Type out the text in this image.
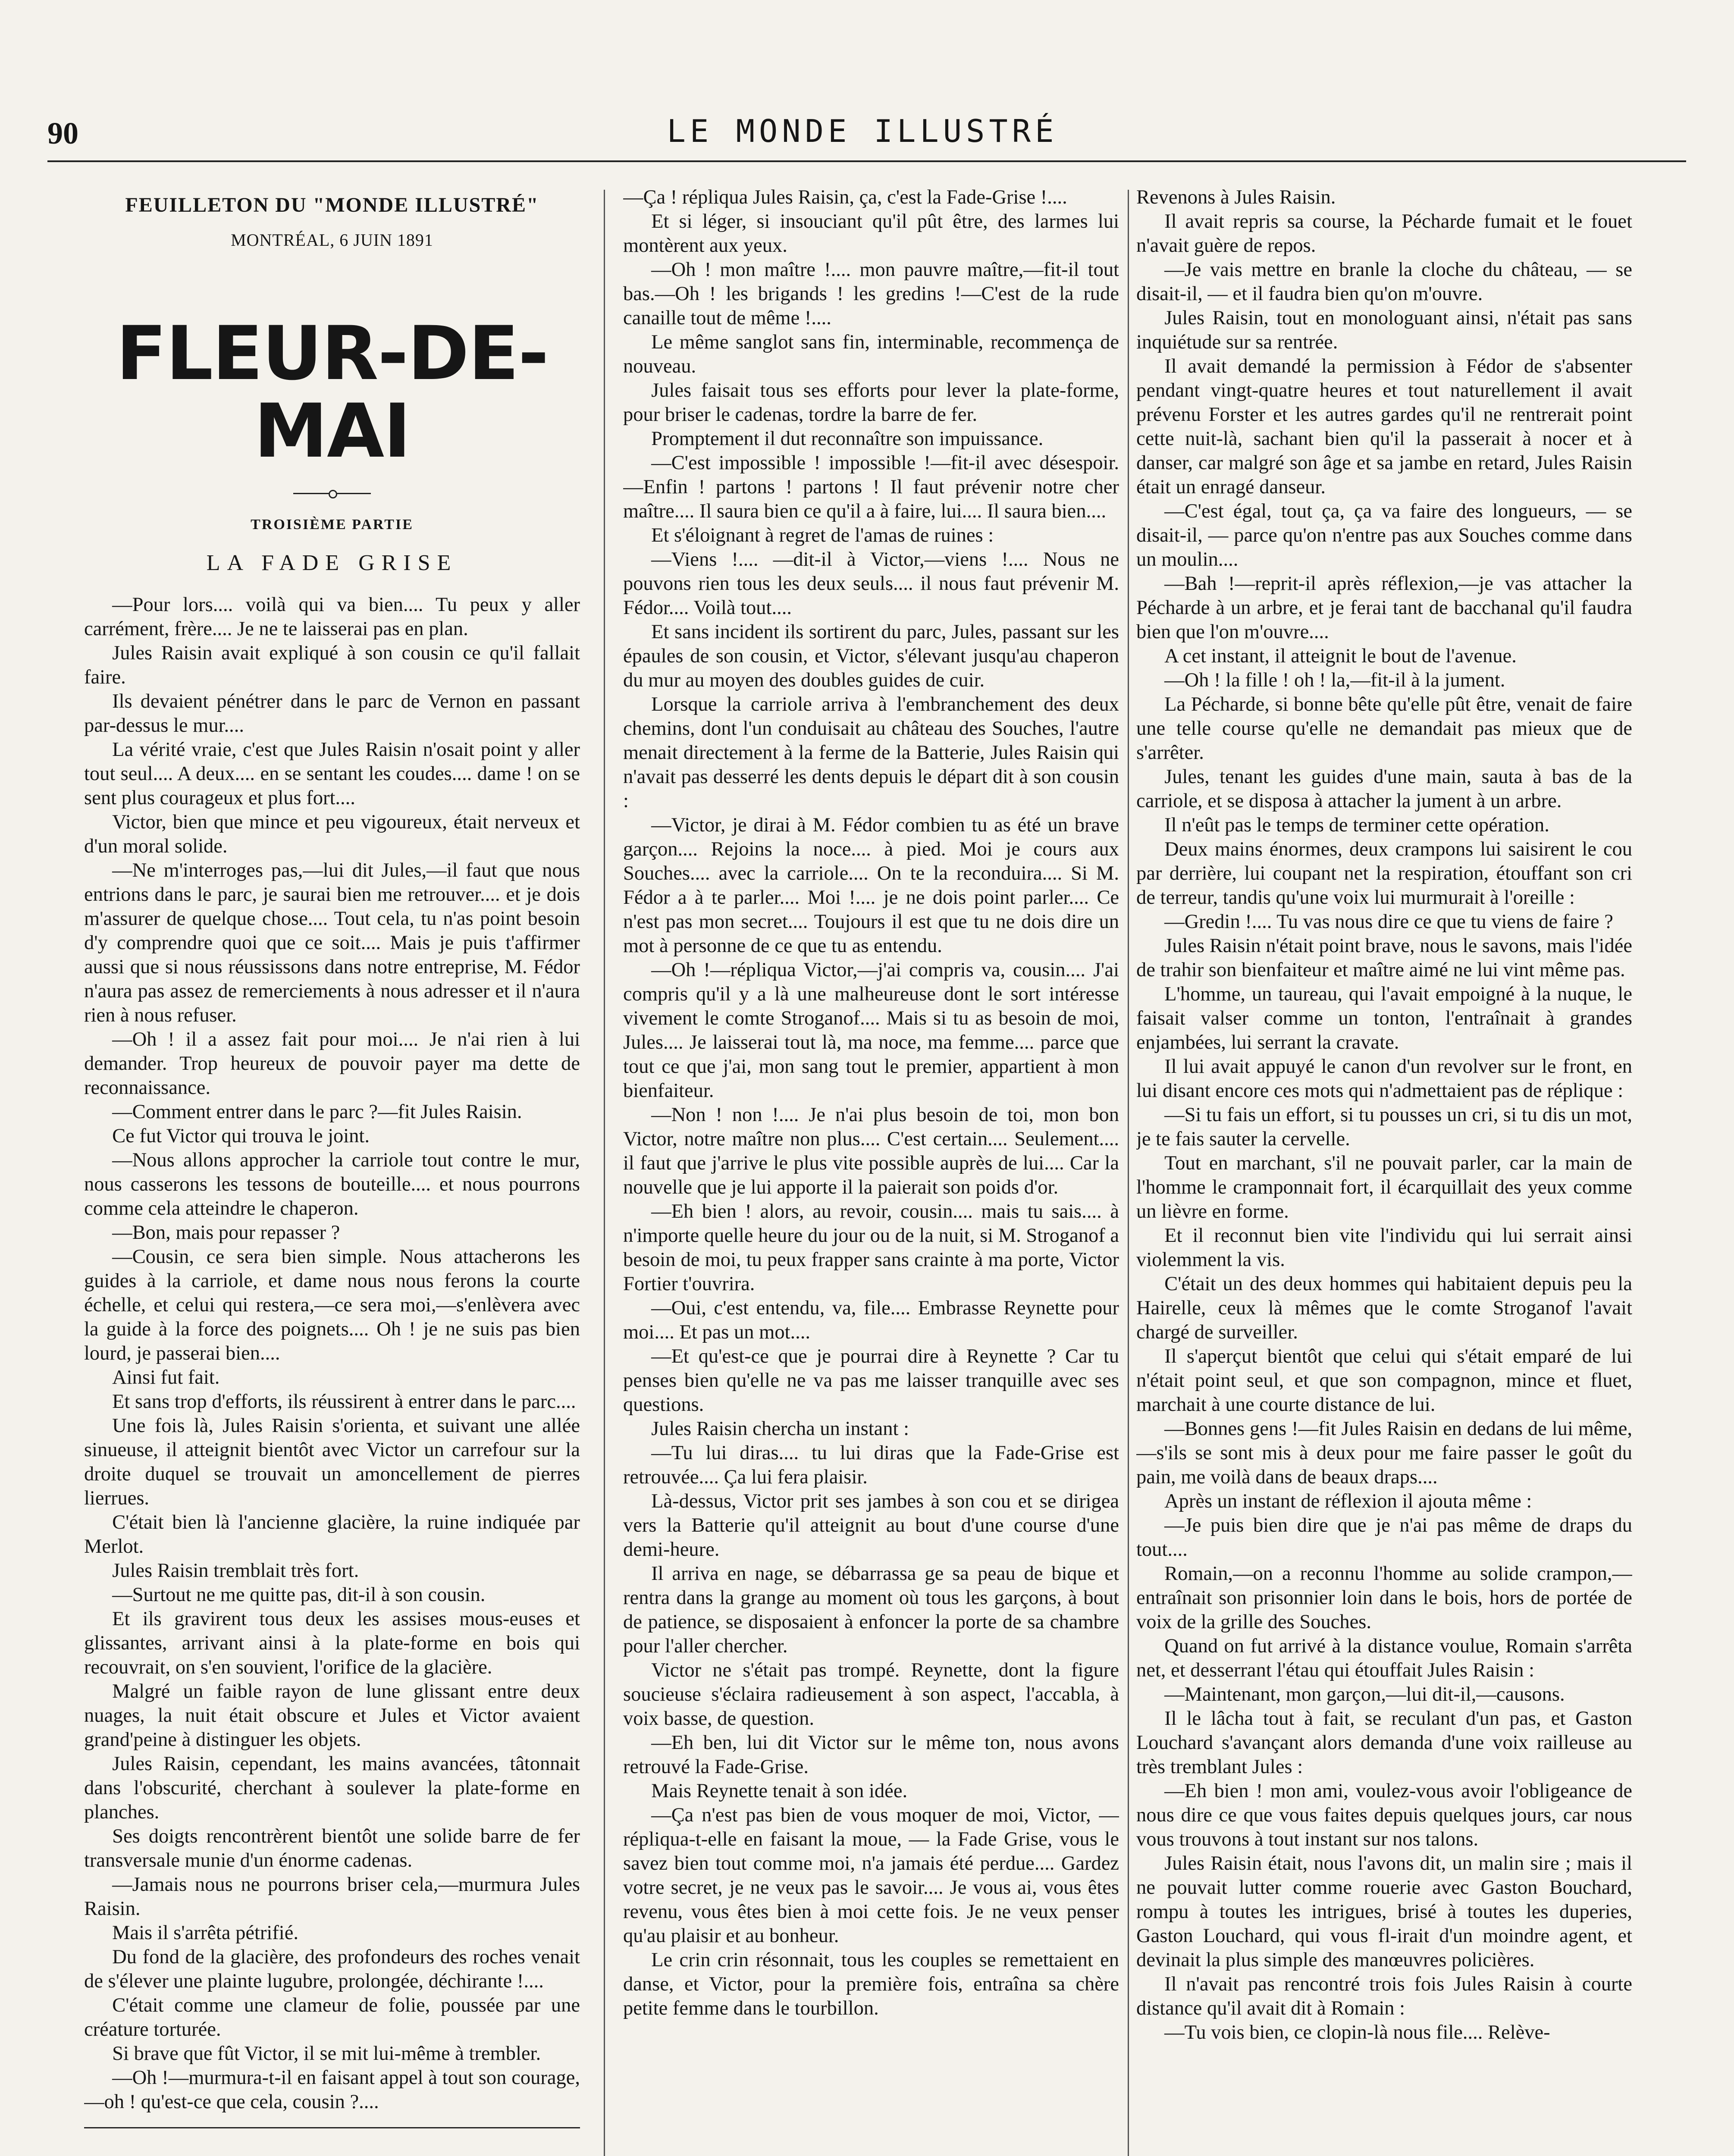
90	LE MONDE ILLUSTRÉ
FEUILLETON DU "MONDE ILLUSTRÉ"
MONTRÉAL, 6 JUIN 1891
FLEUR-DE-MAI
TROISIÈME PARTIE
LA FADE GRISE

—Pour lors.... voilà qui va bien.... Tu peux y aller carrément, frère.... Je ne te laisserai pas en plan.

Jules Raisin avait expliqué à son cousin ce qu'il fallait faire.

Ils devaient pénétrer dans le parc de Vernon en passant par-dessus le mur....

La vérité vraie, c'est que Jules Raisin n'osait point y aller tout seul.... A deux.... en se sentant les coudes.... dame ! on se sent plus courageux et plus fort....

Victor, bien que mince et peu vigoureux, était nerveux et d'un moral solide.

—Ne m'interroges pas,—lui dit Jules,—il faut que nous entrions dans le parc, je saurai bien me retrouver.... et je dois m'assurer de quelque chose.... Tout cela, tu n'as point besoin d'y comprendre quoi que ce soit.... Mais je puis t'affirmer aussi que si nous réussissons dans notre entreprise, M. Fédor n'aura pas assez de remerciements à nous adresser et il n'aura rien à nous refuser.

—Oh ! il a assez fait pour moi.... Je n'ai rien à lui demander. Trop heureux de pouvoir payer ma dette de reconnaissance.

—Comment entrer dans le parc ?—fit Jules Raisin.

Ce fut Victor qui trouva le joint.

—Nous allons approcher la carriole tout contre le mur, nous casserons les tessons de bouteille.... et nous pourrons comme cela atteindre le chaperon.

—Bon, mais pour repasser ?

—Cousin, ce sera bien simple. Nous attacherons les guides à la carriole, et dame nous nous ferons la courte échelle, et celui qui restera,—ce sera moi,—s'enlèvera avec la guide à la force des poignets.... Oh ! je ne suis pas bien lourd, je passerai bien....

Ainsi fut fait.

Et sans trop d'efforts, ils réussirent à entrer dans le parc....

Une fois là, Jules Raisin s'orienta, et suivant une allée sinueuse, il atteignit bientôt avec Victor un carrefour sur la droite duquel se trouvait un amoncellement de pierres lierrues.

C'était bien là l'ancienne glacière, la ruine indiquée par Merlot.

Jules Raisin tremblait très fort.

—Surtout ne me quitte pas, dit-il à son cousin.

Et ils gravirent tous deux les assises mous-euses et glissantes, arrivant ainsi à la plate-forme en bois qui recouvrait, on s'en souvient, l'orifice de la glacière.

Malgré un faible rayon de lune glissant entre deux nuages, la nuit était obscure et Jules et Victor avaient grand'peine à distinguer les objets.

Jules Raisin, cependant, les mains avancées, tâtonnait dans l'obscurité, cherchant à soulever la plate-forme en planches.

Ses doigts rencontrèrent bientôt une solide barre de fer transversale munie d'un énorme cadenas.

—Jamais nous ne pourrons briser cela,—murmura Jules Raisin.

Mais il s'arrêta pétrifié.

Du fond de la glacière, des profondeurs des roches venait de s'élever une plainte lugubre, prolongée, déchirante !....

C'était comme une clameur de folie, poussée par une créature torturée.

Si brave que fût Victor, il se mit lui-même à trembler.

—Oh !—murmura-t-il en faisant appel à tout son courage,—oh ! qu'est-ce que cela, cousin ?....

—Ça ! répliqua Jules Raisin, ça, c'est la Fade-Grise !....

Et si léger, si insouciant qu'il pût être, des larmes lui montèrent aux yeux.

—Oh ! mon maître !.... mon pauvre maître,—fit-il tout bas.—Oh ! les brigands ! les gredins !—C'est de la rude canaille tout de même !....

Le même sanglot sans fin, interminable, recommença de nouveau.

Jules faisait tous ses efforts pour lever la plate-forme, pour briser le cadenas, tordre la barre de fer.

Promptement il dut reconnaître son impuissance.

—C'est impossible ! impossible !—fit-il avec désespoir.—Enfin ! partons ! partons ! Il faut prévenir notre cher maître.... Il saura bien ce qu'il a à faire, lui.... Il saura bien....

Et s'éloignant à regret de l'amas de ruines :

—Viens !.... —dit-il à Victor,—viens !.... Nous ne pouvons rien tous les deux seuls.... il nous faut prévenir M. Fédor.... Voilà tout....

Et sans incident ils sortirent du parc, Jules, passant sur les épaules de son cousin, et Victor, s'élevant jusqu'au chaperon du mur au moyen des doubles guides de cuir.

Lorsque la carriole arriva à l'embranchement des deux chemins, dont l'un conduisait au château des Souches, l'autre menait directement à la ferme de la Batterie, Jules Raisin qui n'avait pas desserré les dents depuis le départ dit à son cousin :

—Victor, je dirai à M. Fédor combien tu as été un brave garçon.... Rejoins la noce.... à pied. Moi je cours aux Souches.... avec la carriole.... On te la reconduira.... Si M. Fédor a à te parler.... Moi !.... je ne dois point parler.... Ce n'est pas mon secret.... Toujours il est que tu ne dois dire un mot à personne de ce que tu as entendu.

—Oh !—répliqua Victor,—j'ai compris va, cousin.... J'ai compris qu'il y a là une malheureuse dont le sort intéresse vivement le comte Stroganof.... Mais si tu as besoin de moi, Jules.... Je laisserai tout là, ma noce, ma femme.... parce que tout ce que j'ai, mon sang tout le premier, appartient à mon bienfaiteur.

—Non ! non !.... Je n'ai plus besoin de toi, mon bon Victor, notre maître non plus.... C'est certain.... Seulement.... il faut que j'arrive le plus vite possible auprès de lui.... Car la nouvelle que je lui apporte il la paierait son poids d'or.

—Eh bien ! alors, au revoir, cousin.... mais tu sais.... à n'importe quelle heure du jour ou de la nuit, si M. Stroganof a besoin de moi, tu peux frapper sans crainte à ma porte, Victor Fortier t'ouvrira.

—Oui, c'est entendu, va, file.... Embrasse Reynette pour moi.... Et pas un mot....

—Et qu'est-ce que je pourrai dire à Reynette ? Car tu penses bien qu'elle ne va pas me laisser tranquille avec ses questions.

Jules Raisin chercha un instant :

—Tu lui diras.... tu lui diras que la Fade-Grise est retrouvée.... Ça lui fera plaisir.

Là-dessus, Victor prit ses jambes à son cou et se dirigea vers la Batterie qu'il atteignit au bout d'une course d'une demi-heure.

Il arriva en nage, se débarrassa ge sa peau de bique et rentra dans la grange au moment où tous les garçons, à bout de patience, se disposaient à enfoncer la porte de sa chambre pour l'aller chercher.

Victor ne s'était pas trompé. Reynette, dont la figure soucieuse s'éclaira radieusement à son aspect, l'accabla, à voix basse, de question.

—Eh ben, lui dit Victor sur le même ton, nous avons retrouvé la Fade-Grise.

Mais Reynette tenait à son idée.

—Ça n'est pas bien de vous moquer de moi, Victor, — répliqua-t-elle en faisant la moue, — la Fade Grise, vous le savez bien tout comme moi, n'a jamais été perdue.... Gardez votre secret, je ne veux pas le savoir.... Je vous ai, vous êtes revenu, vous êtes bien à moi cette fois. Je ne veux penser qu'au plaisir et au bonheur.

Le crin crin résonnait, tous les couples se remettaient en danse, et Victor, pour la première fois, entraîna sa chère petite femme dans le tourbillon.

Revenons à Jules Raisin.

Il avait repris sa course, la Pécharde fumait et le fouet n'avait guère de repos.

—Je vais mettre en branle la cloche du château, — se disait-il, — et il faudra bien qu'on m'ouvre.

Jules Raisin, tout en monologuant ainsi, n'était pas sans inquiétude sur sa rentrée.

Il avait demandé la permission à Fédor de s'absenter pendant vingt-quatre heures et tout naturellement il avait prévenu Forster et les autres gardes qu'il ne rentrerait point cette nuit-là, sachant bien qu'il la passerait à nocer et à danser, car malgré son âge et sa jambe en retard, Jules Raisin était un enragé danseur.

—C'est égal, tout ça, ça va faire des longueurs, — se disait-il, — parce qu'on n'entre pas aux Souches comme dans un moulin....

—Bah !—reprit-il après réflexion,—je vas attacher la Pécharde à un arbre, et je ferai tant de bacchanal qu'il faudra bien que l'on m'ouvre....

A cet instant, il atteignit le bout de l'avenue.

—Oh ! la fille ! oh ! la,—fit-il à la jument.

La Pécharde, si bonne bête qu'elle pût être, venait de faire une telle course qu'elle ne demandait pas mieux que de s'arrêter.

Jules, tenant les guides d'une main, sauta à bas de la carriole, et se disposa à attacher la jument à un arbre.

Il n'eût pas le temps de terminer cette opération.

Deux mains énormes, deux crampons lui saisirent le cou par derrière, lui coupant net la respiration, étouffant son cri de terreur, tandis qu'une voix lui murmurait à l'oreille :

—Gredin !.... Tu vas nous dire ce que tu viens de faire ?

Jules Raisin n'était point brave, nous le savons, mais l'idée de trahir son bienfaiteur et maître aimé ne lui vint même pas.

L'homme, un taureau, qui l'avait empoigné à la nuque, le faisait valser comme un tonton, l'entraînait à grandes enjambées, lui serrant la cravate.

Il lui avait appuyé le canon d'un revolver sur le front, en lui disant encore ces mots qui n'admettaient pas de réplique :

—Si tu fais un effort, si tu pousses un cri, si tu dis un mot, je te fais sauter la cervelle.

Tout en marchant, s'il ne pouvait parler, car la main de l'homme le cramponnait fort, il écarquillait des yeux comme un lièvre en forme.

Et il reconnut bien vite l'individu qui lui serrait ainsi violemment la vis.

C'était un des deux hommes qui habitaient depuis peu la Hairelle, ceux là mêmes que le comte Stroganof l'avait chargé de surveiller.

Il s'aperçut bientôt que celui qui s'était emparé de lui n'était point seul, et que son compagnon, mince et fluet, marchait à une courte distance de lui.

—Bonnes gens !—fit Jules Raisin en dedans de lui même,—s'ils se sont mis à deux pour me faire passer le goût du pain, me voilà dans de beaux draps....

Après un instant de réflexion il ajouta même :

—Je puis bien dire que je n'ai pas même de draps du tout....

Romain,—on a reconnu l'homme au solide crampon,—entraînait son prisonnier loin dans le bois, hors de portée de voix de la grille des Souches.

Quand on fut arrivé à la distance voulue, Romain s'arrêta net, et desserrant l'étau qui étouffait Jules Raisin :

—Maintenant, mon garçon,—lui dit-il,—causons.

Il le lâcha tout à fait, se reculant d'un pas, et Gaston Louchard s'avançant alors demanda d'une voix railleuse au très tremblant Jules :

—Eh bien ! mon ami, voulez-vous avoir l'obligeance de nous dire ce que vous faites depuis quelques jours, car nous vous trouvons à tout instant sur nos talons.

Jules Raisin était, nous l'avons dit, un malin sire ; mais il ne pouvait lutter comme rouerie avec Gaston Bouchard, rompu à toutes les intrigues, brisé à toutes les duperies, Gaston Louchard, qui vous fl-irait d'un moindre agent, et devinait la plus simple des manœuvres policières.

Il n'avait pas rencontré trois fois Jules Raisin à courte distance qu'il avait dit à Romain :

—Tu vois bien, ce clopin-là nous file.... Relève-
